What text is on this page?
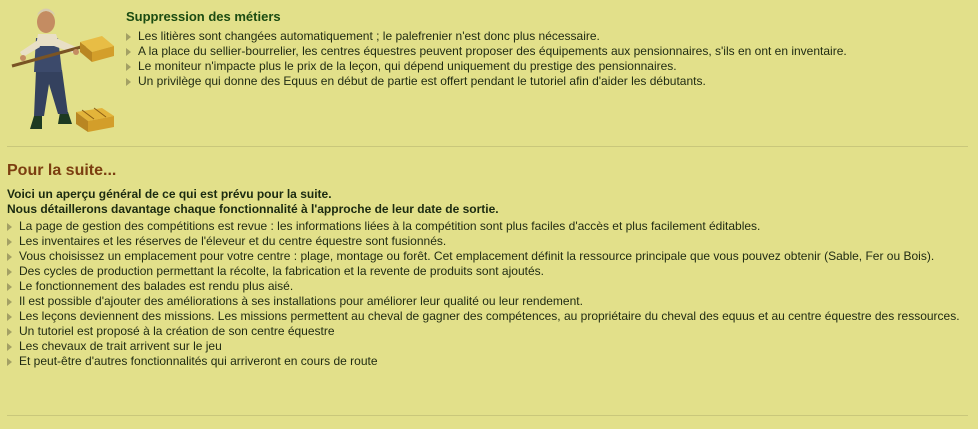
Suppression des métiers
Les litières sont changées automatiquement ; le palefrenier n'est donc plus nécessaire.
A la place du sellier-bourrelier, les centres équestres peuvent proposer des équipements aux pensionnaires, s'ils en ont en inventaire.
Le moniteur n'impacte plus le prix de la leçon, qui dépend uniquement du prestige des pensionnaires.
Un privilège qui donne des Equus en début de partie est offert pendant le tutoriel afin d'aider les débutants.
Pour la suite...

Voici un aperçu général de ce qui est prévu pour la suite.

Nous détaillerons davantage chaque fonctionnalité à l'approche de leur date de sortie.

La page de gestion des compétitions est revue : les informations liées à la compétition sont plus faciles d'accès et plus facilement éditables.
Les inventaires et les réserves de l'éleveur et du centre équestre sont fusionnés.
Vous choisissez un emplacement pour votre centre : plage, montage ou forêt. Cet emplacement définit la ressource principale que vous pouvez obtenir (Sable, Fer ou Bois).
Des cycles de production permettant la récolte, la fabrication et la revente de produits sont ajoutés.
Le fonctionnement des balades est rendu plus aisé.
Il est possible d'ajouter des améliorations à ses installations pour améliorer leur qualité ou leur rendement.
Les leçons deviennent des missions. Les missions permettent au cheval de gagner des compétences, au propriétaire du cheval des equus et au centre équestre des ressources.
Un tutoriel est proposé à la création de son centre équestre
Les chevaux de trait arrivent sur le jeu
Et peut-être d'autres fonctionnalités qui arriveront en cours de route
